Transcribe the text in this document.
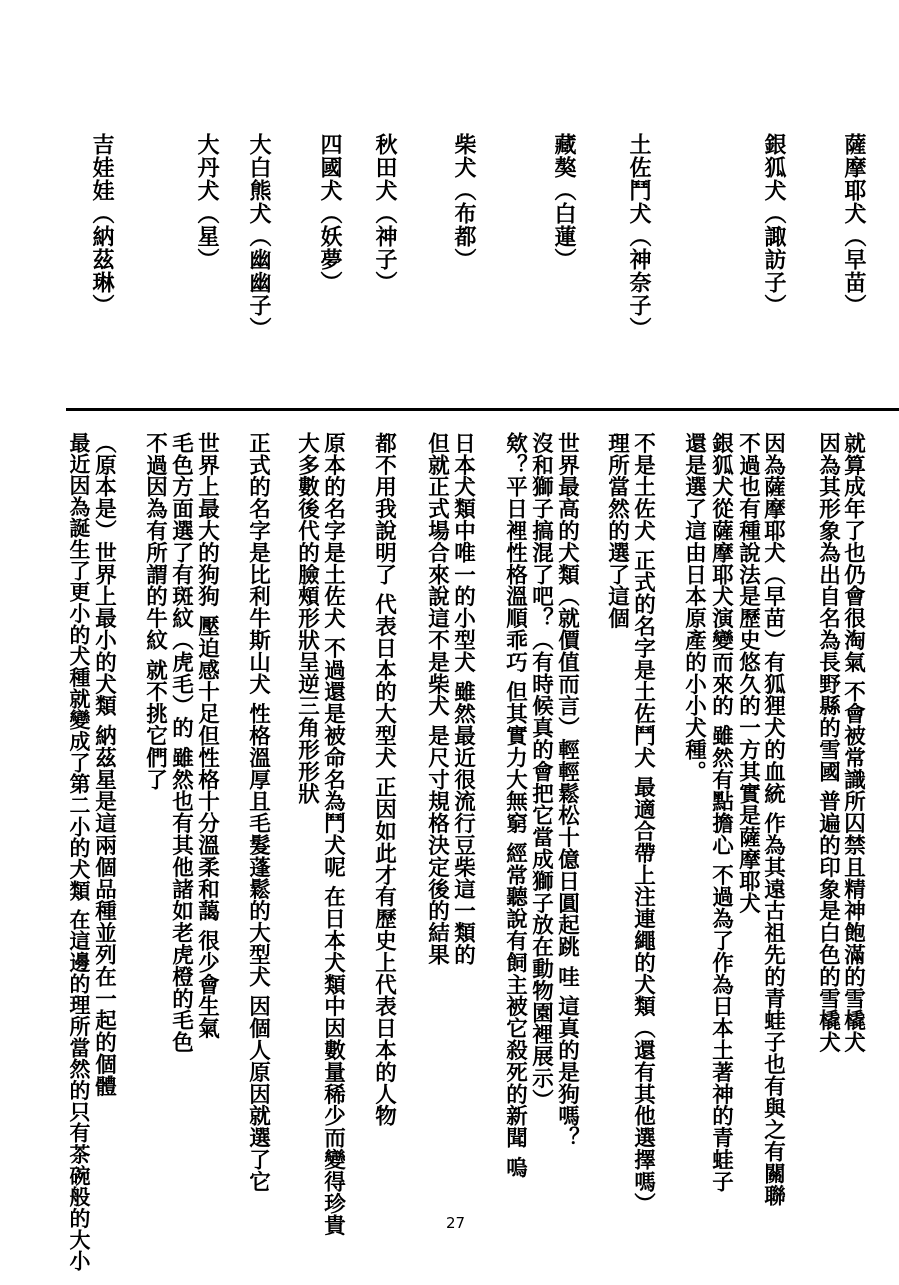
薩摩耶犬（早苗）
銀狐犬（諏訪子）
土佐鬥犬（神奈子）
藏獒（白蓮）
柴犬（布都）
秋田犬（神子）
四國犬（妖夢）
大白熊犬（幽幽子）
大丹犬（星）
吉娃娃（納茲琳）
就算成年了也仍會很淘氣 不會被常識所囚禁且精神飽滿的雪橇犬
因為其形象為出自名為長野縣的雪國 普遍的印象是白色的雪橇犬
因為薩摩耶犬（早苗）有狐狸犬的血統 作為其遠古祖先的青蛙子也有與之有關聯
不過也有種說法是歷史悠久的一方其實是薩摩耶犬
銀狐犬從薩摩耶犬演變而來的 雖然有點擔心 不過為了作為日本土著神的青蛙子
還是選了這由日本原產的小小犬種。
不是土佐犬 正式的名字是土佐鬥犬 最適合帶上注連繩的犬類（還有其他選擇嗎）
理所當然的選了這個
世界最高的犬類（就價值而言）輕輕鬆松十億日圓起跳 哇 這真的是狗嗎？
沒和獅子搞混了吧？（有時候真的會把它當成獅子放在動物園裡展示）
欸？平日裡性格溫順乖巧 但其實力大無窮 經常聽說有飼主被它殺死的新聞 嗚
日本犬類中唯一的小型犬 雖然最近很流行豆柴這一類的
但就正式場合來說這不是柴犬 是尺寸規格決定後的結果
都不用我說明了 代表日本的大型犬 正因如此才有歷史上代表日本的人物
原本的名字是土佐犬 不過還是被命名為鬥犬呢 在日本犬類中因數量稀少而變得珍貴
大多數後代的臉頰形狀呈逆三角形形狀
正式的名字是比利牛斯山犬 性格溫厚且毛髮蓬鬆的大型犬 因個人原因就選了它
世界上最大的狗狗 壓迫感十足但性格十分溫柔和藹 很少會生氣
毛色方面選了有斑紋（虎毛）的 雖然也有其他諸如老虎橙的毛色
不過因為有所謂的牛紋 就不挑它們了
（原本是）世界上最小的犬類 納茲星是這兩個品種並列在一起的個體
最近因為誕生了更小的犬種就變成了第二小的犬類 在這邊的理所當然的只有茶碗般的大小	27
